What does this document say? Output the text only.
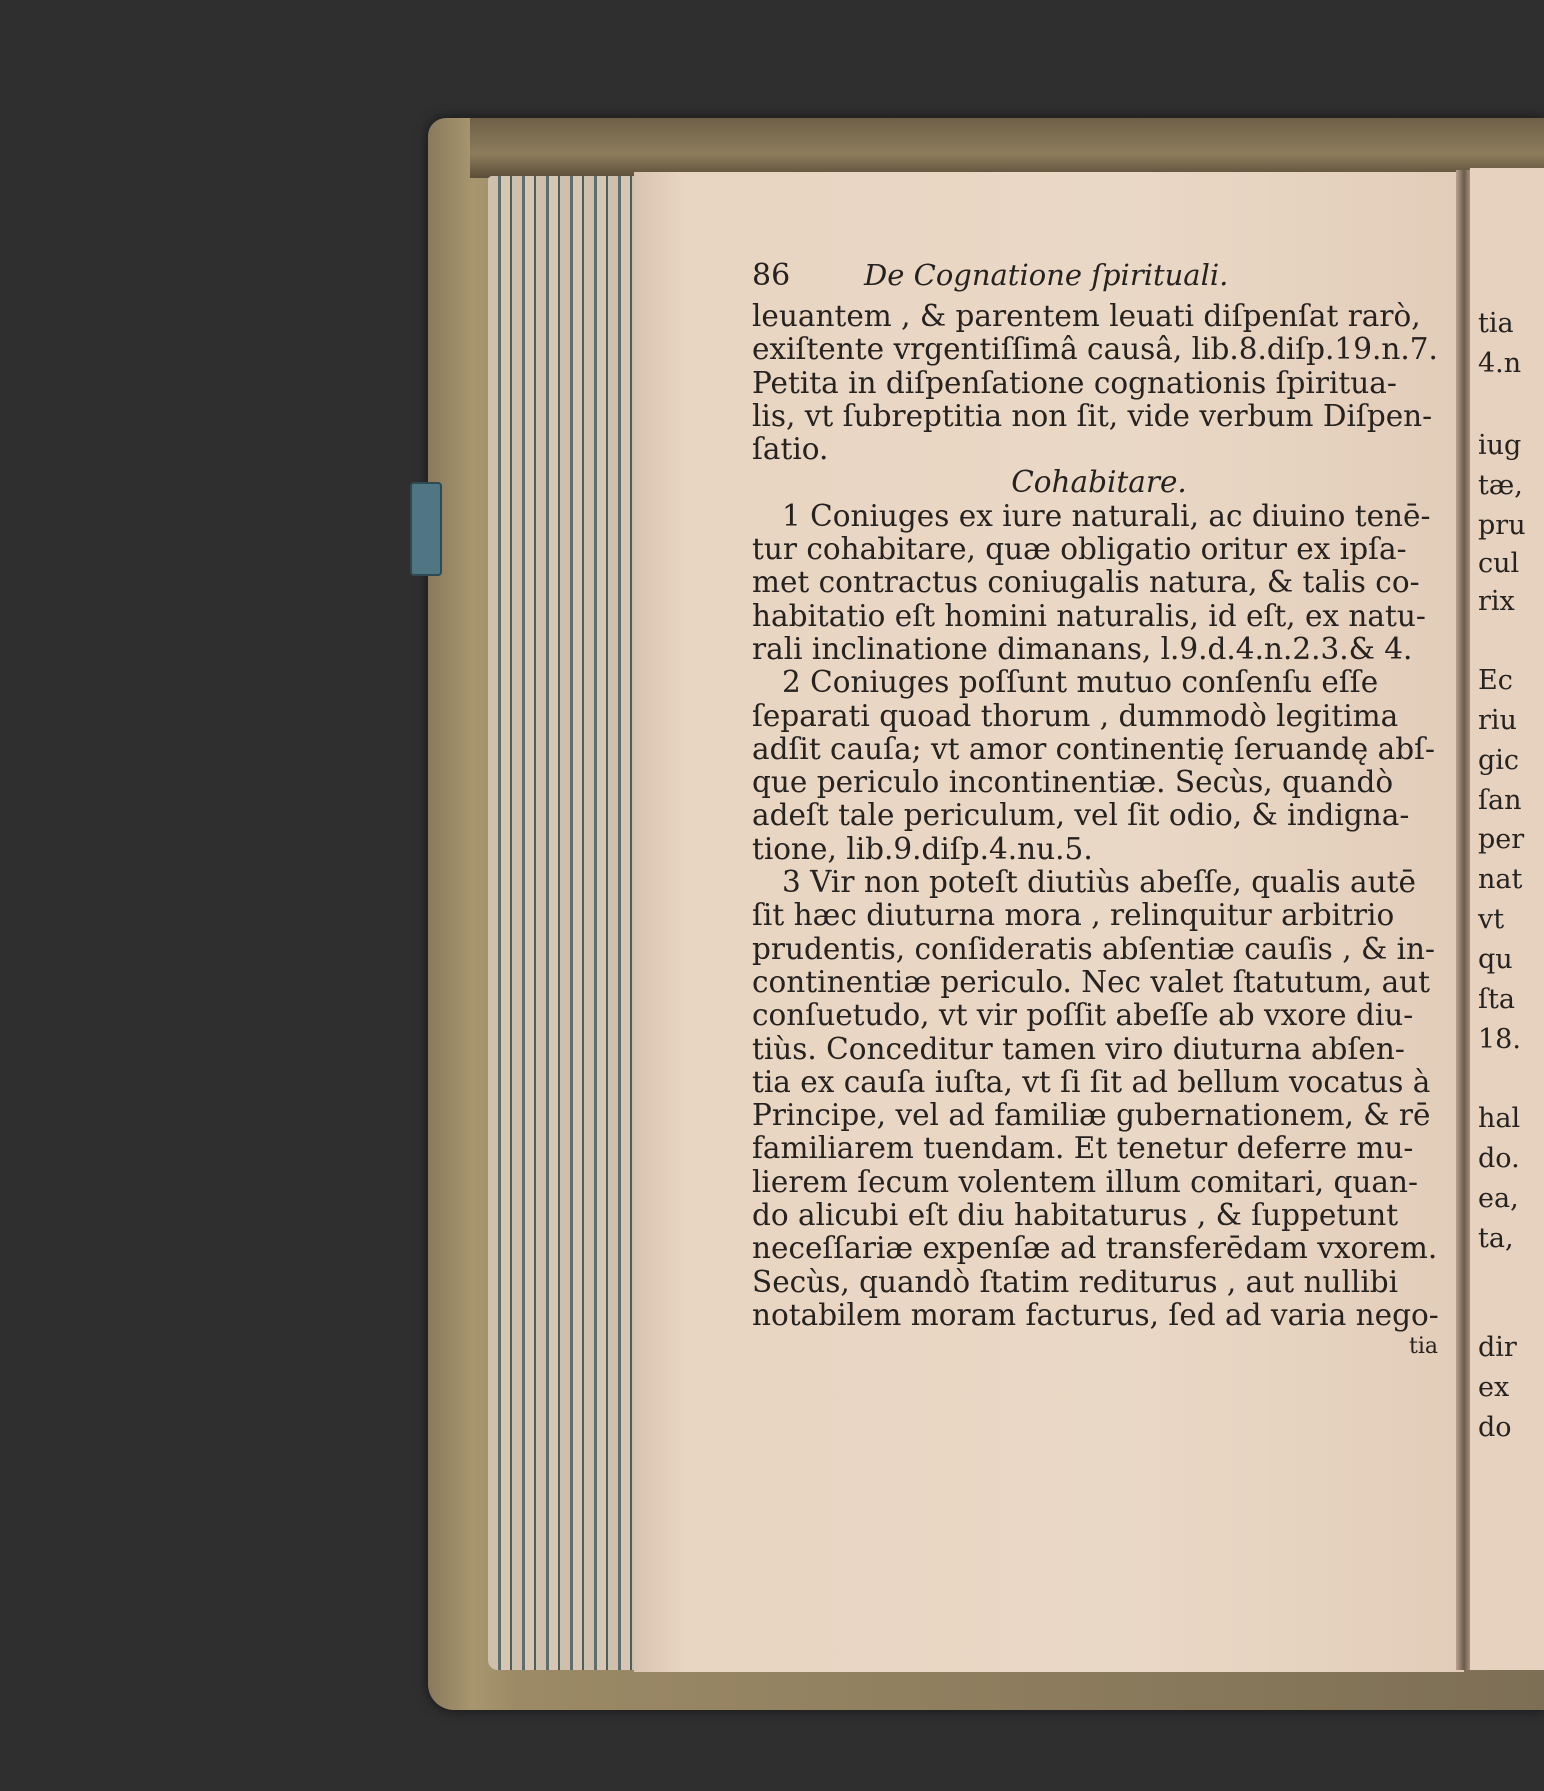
tia
4.n
iug
tæ,
pru
cul
rix
Ec
riu
gic
ſan
per
nat
vt
qu
ſta
18.
hal
do.
ea,
ta,
dir
ex
do
86	De Cognatione ſpirituali.
leuantem , & parentem leuati diſpenſat rarò,
exiſtente vrgentiſſimâ causâ, lib.8.diſp.19.n.7.
Petita in diſpenſatione cognationis ſpiritua-
lis, vt ſubreptitia non ſit, vide verbum Diſpen-
ſatio.
Cohabitare.
1 Coniuges ex iure naturali, ac diuino tenē-
tur cohabitare, quæ obligatio oritur ex ipſa-
met contractus coniugalis natura, & talis co-
habitatio eſt homini naturalis, id eſt, ex natu-
rali inclinatione dimanans, l.9.d.4.n.2.3.& 4.
2 Coniuges poſſunt mutuo conſenſu eſſe
ſeparati quoad thorum , dummodò legitima
adſit cauſa; vt amor continentię ſeruandę abſ-
que periculo incontinentiæ. Secùs, quandò
adeſt tale periculum, vel ſit odio, & indigna-
tione, lib.9.diſp.4.nu.5.
3 Vir non poteſt diutiùs abeſſe, qualis autē
ſit hæc diuturna mora , relinquitur arbitrio
prudentis, conſideratis abſentiæ cauſis , & in-
continentiæ periculo. Nec valet ſtatutum, aut
conſuetudo, vt vir poſſit abeſſe ab vxore diu-
tiùs. Conceditur tamen viro diuturna abſen-
tia ex cauſa iuſta, vt ſi ſit ad bellum vocatus à
Principe, vel ad familiæ gubernationem, & rē
familiarem tuendam. Et tenetur deferre mu-
lierem ſecum volentem illum comitari, quan-
do alicubi eſt diu habitaturus , & ſuppetunt
neceſſariæ expenſæ ad transferēdam vxorem.
Secùs, quandò ſtatim rediturus , aut nullibi
notabilem moram facturus, ſed ad varia nego-
tia
